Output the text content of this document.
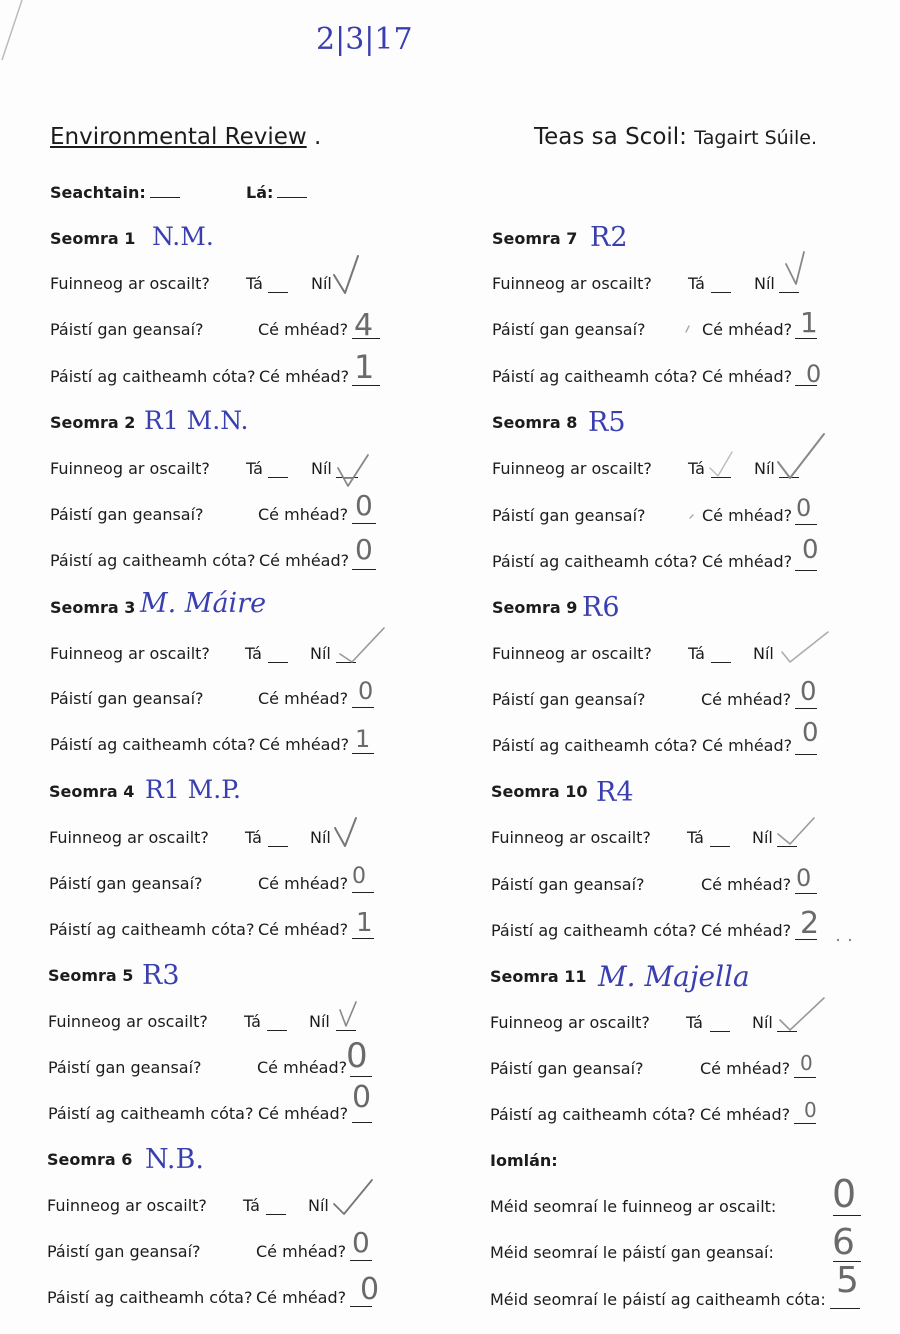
2|3|17
Environmental Review .	Teas sa Scoil: Tagairt Súile.
Seachtain:	Lá:
Seomra 1 N.M.
Fuinneog ar oscailt? Tá	Níl
Páistí gan geansaí?	Cé mhéad? 4
Páistí ag caitheamh cóta? Cé mhéad? 1
Seomra 2 R1 M.N.
Fuinneog ar oscailt? Tá	Níl
Páistí gan geansaí?	Cé mhéad? 0
Páistí ag caitheamh cóta? Cé mhéad? 0
Seomra 3 M. Máire
Fuinneog ar oscailt? Tá	Níl
Páistí gan geansaí?	Cé mhéad? 0
Páistí ag caitheamh cóta? Cé mhéad? 1
Seomra 4 R1 M.P.
Fuinneog ar oscailt? Tá	Níl
Páistí gan geansaí?	Cé mhéad? 0
Páistí ag caitheamh cóta? Cé mhéad? 1
Seomra 5 R3
Fuinneog ar oscailt? Tá	Níl
Páistí gan geansaí?	Cé mhéad?
0
Páistí ag caitheamh cóta? Cé mhéad? 0
Seomra 6 N.B.
Fuinneog ar oscailt? Tá	Níl
Páistí gan geansaí?	Cé mhéad? 0
Páistí ag caitheamh cóta? Cé mhéad? 0
Seomra 7 R2
Fuinneog ar oscailt? Tá	Níl
Páistí gan geansaí?	Cé mhéad? 1
Páistí ag caitheamh cóta? Cé mhéad? 0
Seomra 8 R5
Fuinneog ar oscailt? Tá	Níl
Páistí gan geansaí?	Cé mhéad? 0
Páistí ag caitheamh cóta? Cé mhéad? 0
Seomra 9 R6
Fuinneog ar oscailt? Tá	Níl
Páistí gan geansaí?	Cé mhéad? 0
Páistí ag caitheamh cóta? Cé mhéad? 0
Seomra 10 R4
Fuinneog ar oscailt? Tá	Níl
Páistí gan geansaí?	Cé mhéad? 0
Páistí ag caitheamh cóta? Cé mhéad? 2
Seomra 11 M. Majella
Fuinneog ar oscailt? Tá	Níl
Páistí gan geansaí?	Cé mhéad? 0
Páistí ag caitheamh cóta? Cé mhéad? 0
Iomlán:
Méid seomraí le fuinneog ar oscailt: 0
Méid seomraí le páistí gan geansaí: 6
Méid seomraí le páistí ag caitheamh cóta: 5
